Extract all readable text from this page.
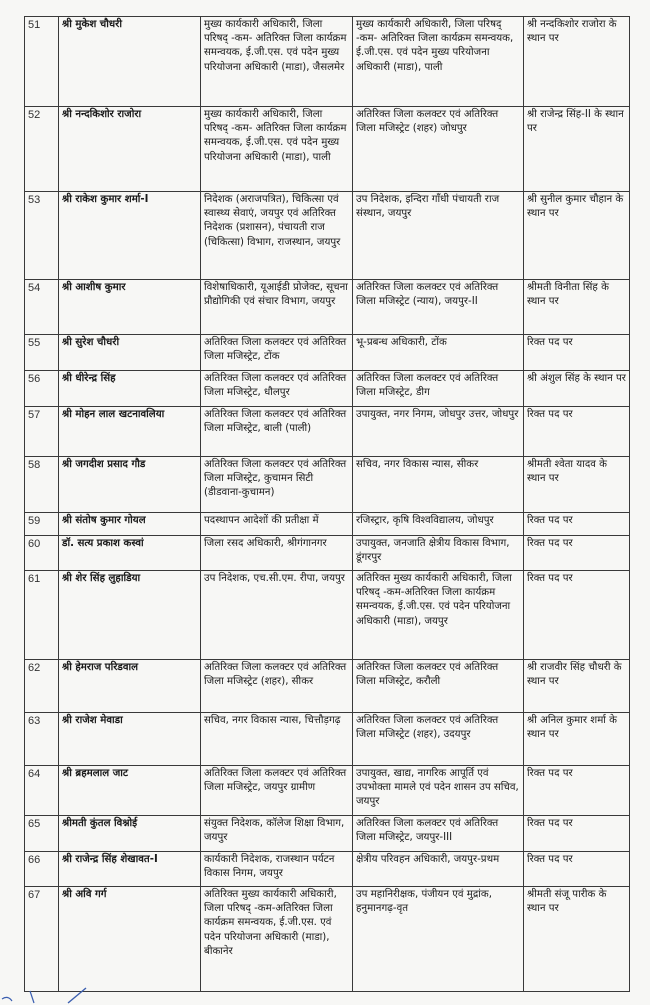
51	श्री मुकेश चौधरी	मुख्य कार्यकारी अधिकारी, जिला परिषद् -कम- अतिरिक्त जिला कार्यक्रम समन्वयक, ई.जी.एस. एवं पदेन मुख्य परियोजना अधिकारी (माडा), जैसलमेर	मुख्य कार्यकारी अधिकारी, जिला परिषद् -कम- अतिरिक्त जिला कार्यक्रम समन्वयक, ई.जी.एस. एवं पदेन मुख्य परियोजना अधिकारी (माडा), पाली	श्री नन्दकिशोर राजोरा के स्थान पर
52	श्री नन्दकिशोर राजोरा	मुख्य कार्यकारी अधिकारी, जिला परिषद् -कम- अतिरिक्त जिला कार्यक्रम समन्वयक, ई.जी.एस. एवं पदेन मुख्य परियोजना अधिकारी (माडा), पाली	अतिरिक्त जिला कलक्टर एवं अतिरिक्त जिला मजिस्ट्रेट (शहर) जोधपुर	श्री राजेन्द्र सिंह-II के स्थान पर
53	श्री राकेश कुमार शर्मा-I	निदेशक (अराजपत्रित), चिकित्सा एवं स्वास्थ्य सेवाएं, जयपुर एवं अतिरिक्त निदेशक (प्रशासन), पंचायती राज (चिकित्सा) विभाग, राजस्थान, जयपुर	उप निदेशक, इन्दिरा गाँधी पंचायती राज संस्थान, जयपुर	श्री सुनील कुमार चौहान के स्थान पर
54	श्री आशीष कुमार	विशेषाधिकारी, यूआईडी प्रोजेक्ट, सूचना प्रौद्योगिकी एवं संचार विभाग, जयपुर	अतिरिक्त जिला कलक्टर एवं अतिरिक्त जिला मजिस्ट्रेट (न्याय), जयपुर-II	श्रीमती विनीता सिंह के स्थान पर
55	श्री सुरेश चौधरी	अतिरिक्त जिला कलक्टर एवं अतिरिक्त जिला मजिस्ट्रेट, टोंक	भू-प्रबन्ध अधिकारी, टोंक	रिक्त पद पर
56	श्री धीरेन्द्र सिंह	अतिरिक्त जिला कलक्टर एवं अतिरिक्त जिला मजिस्ट्रेट, धौलपुर	अतिरिक्त जिला कलक्टर एवं अतिरिक्त जिला मजिस्ट्रेट, डीग	श्री अंशुल सिंह के स्थान पर
57	श्री मोहन लाल खटनावलिया	अतिरिक्त जिला कलक्टर एवं अतिरिक्त जिला मजिस्ट्रेट, बाली (पाली)	उपायुक्त, नगर निगम, जोधपुर उत्तर, जोधपुर	रिक्त पद पर
58	श्री जगदीश प्रसाद गौड	अतिरिक्त जिला कलक्टर एवं अतिरिक्त जिला मजिस्ट्रेट, कुचामन सिटी (डीडवाना-कुचामन)	सचिव, नगर विकास न्यास, सीकर	श्रीमती श्वेता यादव के स्थान पर
59	श्री संतोष कुमार गोयल	पदस्थापन आदेशों की प्रतीक्षा में	रजिस्ट्रार, कृषि विश्वविद्यालय, जोधपुर	रिक्त पद पर
60	डॉ. सत्य प्रकाश कस्वां	जिला रसद अधिकारी, श्रीगंगानगर	उपायुक्त, जनजाति क्षेत्रीय विकास विभाग, डूंगरपुर	रिक्त पद पर
61	श्री शेर सिंह लुहाडिया	उप निदेशक, एच.सी.एम. रीपा, जयपुर	अतिरिक्त मुख्य कार्यकारी अधिकारी, जिला परिषद् -कम-अतिरिक्त जिला कार्यक्रम समन्वयक, ई.जी.एस. एवं पदेन परियोजना अधिकारी (माडा), जयपुर	रिक्त पद पर
62	श्री हेमराज परिडवाल	अतिरिक्त जिला कलक्टर एवं अतिरिक्त जिला मजिस्ट्रेट (शहर), सीकर	अतिरिक्त जिला कलक्टर एवं अतिरिक्त जिला मजिस्ट्रेट, करौली	श्री राजवीर सिंह चौधरी के स्थान पर
63	श्री राजेश मेवाडा	सचिव, नगर विकास न्यास, चित्तौड़गढ़	अतिरिक्त जिला कलक्टर एवं अतिरिक्त जिला मजिस्ट्रेट (शहर), उदयपुर	श्री अनिल कुमार शर्मा के स्थान पर
64	श्री ब्रहमलाल जाट	अतिरिक्त जिला कलक्टर एवं अतिरिक्त जिला मजिस्ट्रेट, जयपुर ग्रामीण	उपायुक्त, खाद्य, नागरिक आपूर्ति एवं उपभोक्ता मामले एवं पदेन शासन उप सचिव, जयपुर	रिक्त पद पर
65	श्रीमती कुंतल विश्नोई	संयुक्त निदेशक, कॉलेज शिक्षा विभाग, जयपुर	अतिरिक्त जिला कलक्टर एवं अतिरिक्त जिला मजिस्ट्रेट, जयपुर-III	रिक्त पद पर
66	श्री राजेन्द्र सिंह शेखावत-I	कार्यकारी निदेशक, राजस्थान पर्यटन विकास निगम, जयपुर	क्षेत्रीय परिवहन अधिकारी, जयपुर-प्रथम	रिक्त पद पर
67	श्री अवि गर्ग	अतिरिक्त मुख्य कार्यकारी अधिकारी, जिला परिषद् -कम-अतिरिक्त जिला कार्यक्रम समन्वयक, ई.जी.एस. एवं पदेन परियोजना अधिकारी (माडा), बीकानेर	उप महानिरीक्षक, पंजीयन एवं मुद्रांक, हनुमानगढ़-वृत	श्रीमती संजू पारीक के स्थान पर
